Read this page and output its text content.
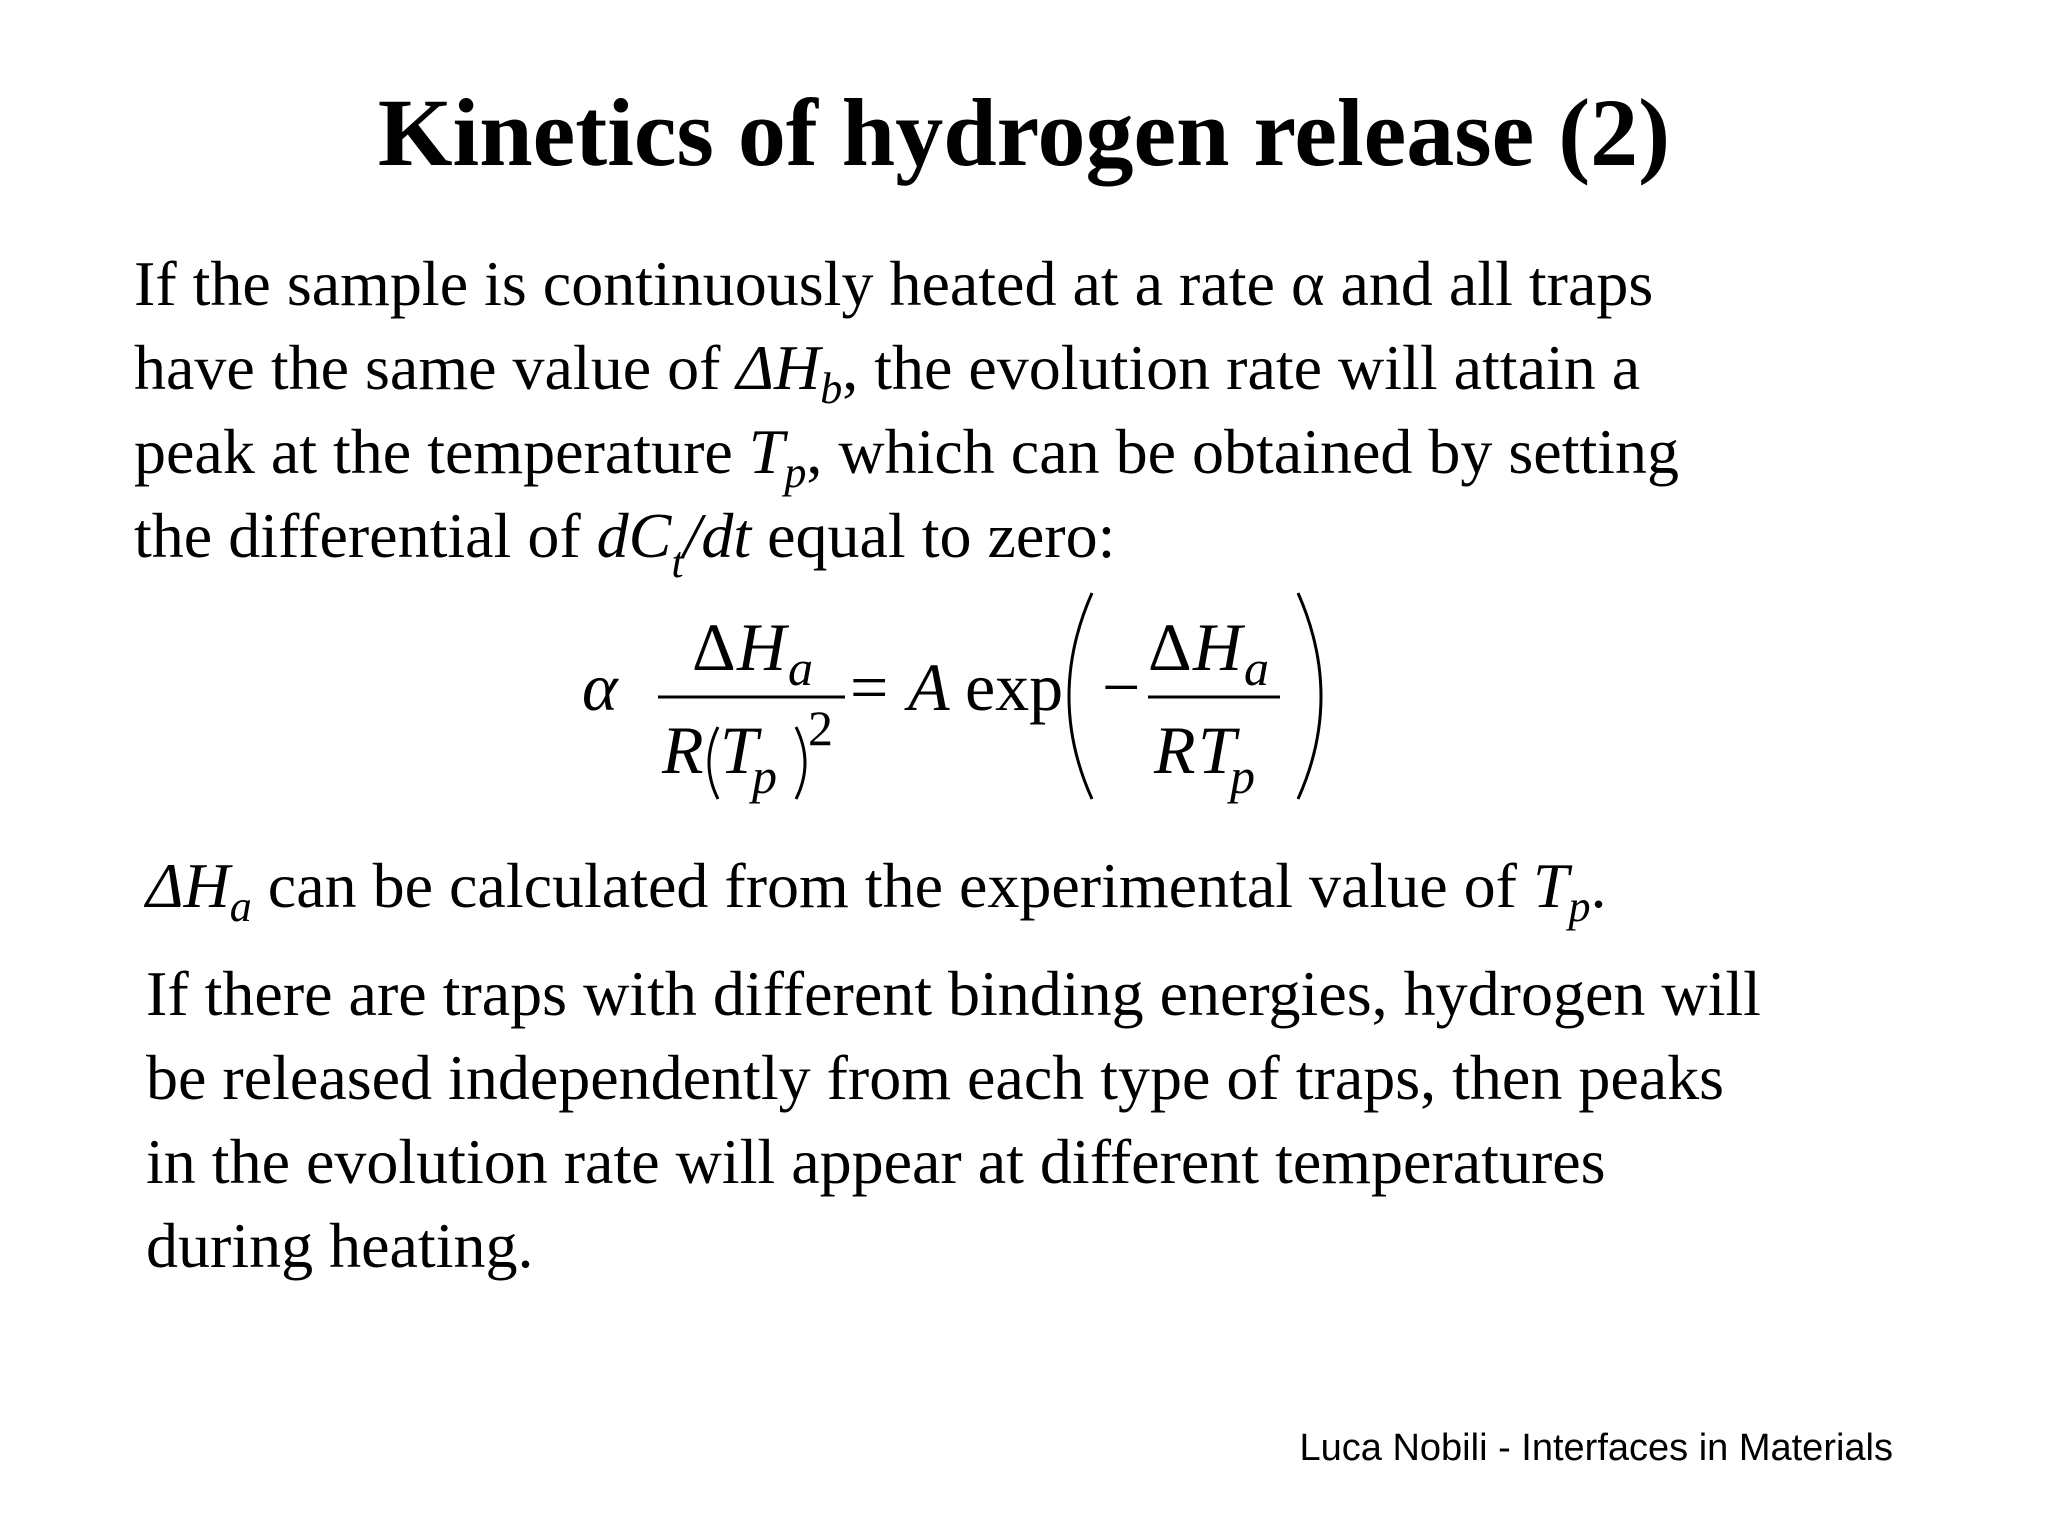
Kinetics of hydrogen release (2)
If the sample is continuously heated at a rate α and all traps
have the same value of $\Delta H_b$, the evolution rate will attain a
peak at the temperature $T_p$, which can be obtained by setting
the differential of $dC_t/dt$ equal to zero:
α
Δ H a
R T
p
2
= A exp −
Δ H a
R T
p
$\Delta H_a$ can be calculated from the experimental value of $T_p$.
If there are traps with different binding energies, hydrogen will
be released independently from each type of traps, then peaks
in the evolution rate will appear at different temperatures
during heating.
Luca Nobili - Interfaces in Materials
